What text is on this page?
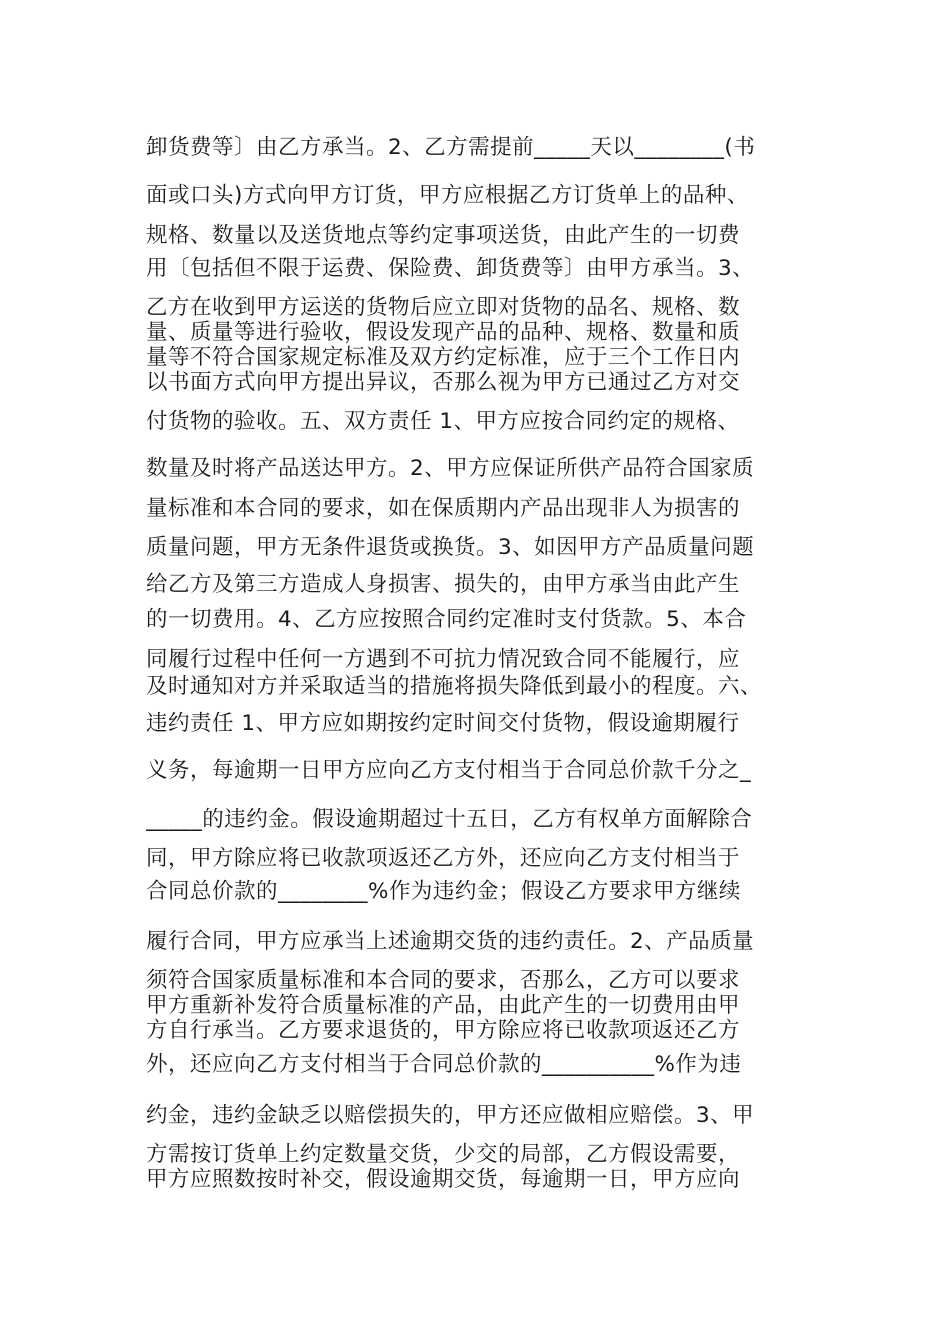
卸货费等〕由乙方承当。2、乙方需提前_____天以________(书
面或口头)方式向甲方订货，甲方应根据乙方订货单上的品种、
规格、数量以及送货地点等约定事项送货，由此产生的一切费
用〔包括但不限于运费、保险费、卸货费等〕由甲方承当。3、
乙方在收到甲方运送的货物后应立即对货物的品名、规格、数
量、质量等进行验收，假设发现产品的品种、规格、数量和质
量等不符合国家规定标准及双方约定标准，应于三个工作日内
以书面方式向甲方提出异议，否那么视为甲方已通过乙方对交
付货物的验收。五、双方责任 1、甲方应按合同约定的规格、
数量及时将产品送达甲方。2、甲方应保证所供产品符合国家质
量标准和本合同的要求，如在保质期内产品出现非人为损害的
质量问题，甲方无条件退货或换货。3、如因甲方产品质量问题
给乙方及第三方造成人身损害、损失的，由甲方承当由此产生
的一切费用。4、乙方应按照合同约定准时支付货款。5、本合
同履行过程中任何一方遇到不可抗力情况致合同不能履行，应
及时通知对方并采取适当的措施将损失降低到最小的程度。六、
违约责任 1、甲方应如期按约定时间交付货物，假设逾期履行
义务，每逾期一日甲方应向乙方支付相当于合同总价款千分之_
_____的违约金。假设逾期超过十五日，乙方有权单方面解除合
同，甲方除应将已收款项返还乙方外，还应向乙方支付相当于
合同总价款的________%作为违约金；假设乙方要求甲方继续
履行合同，甲方应承当上述逾期交货的违约责任。2、产品质量
须符合国家质量标准和本合同的要求，否那么，乙方可以要求
甲方重新补发符合质量标准的产品，由此产生的一切费用由甲
方自行承当。乙方要求退货的，甲方除应将已收款项返还乙方
外，还应向乙方支付相当于合同总价款的__________%作为违
约金，违约金缺乏以赔偿损失的，甲方还应做相应赔偿。3、甲
方需按订货单上约定数量交货，少交的局部，乙方假设需要，
甲方应照数按时补交，假设逾期交货，每逾期一日，甲方应向
